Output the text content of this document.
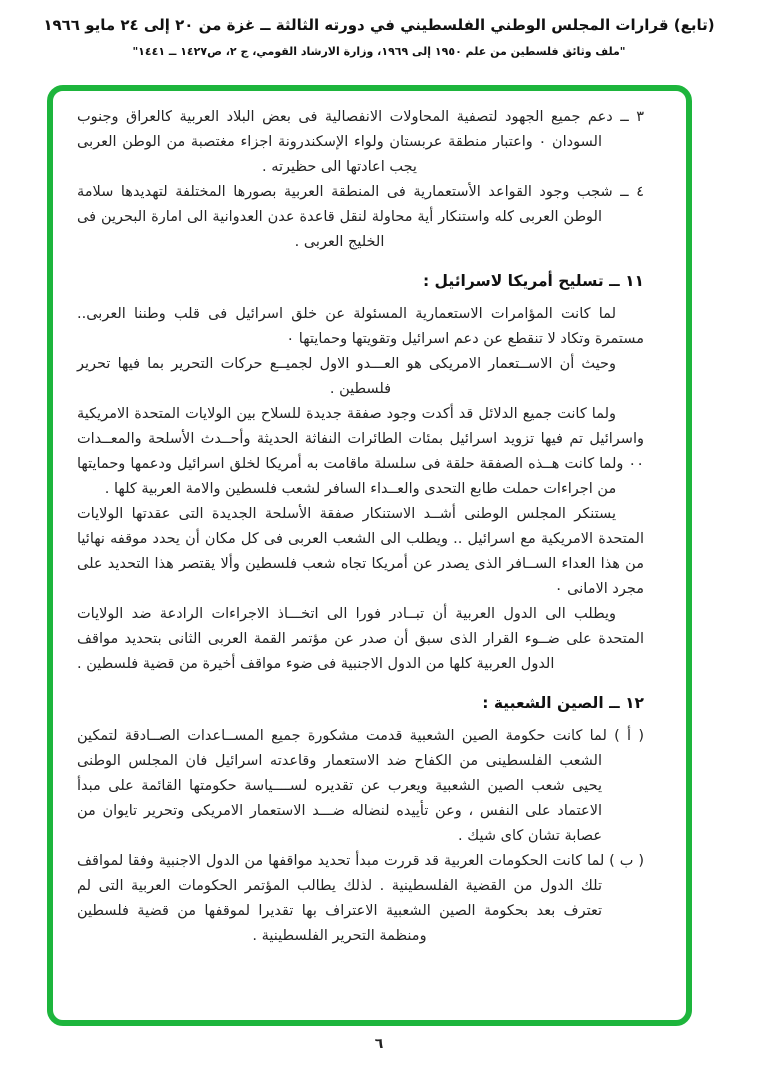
(تابع) قرارات المجلس الوطني الفلسطيني في دورته الثالثة ــ غزة من ٢٠ إلى ٢٤ مايو ١٩٦٦
"ملف وثائق فلسطين من علم ١٩٥٠ إلى ١٩٦٩، وزارة الارشاد القومي، ج ٢، ص١٤٢٧ ــ ١٤٤١"

٣ ــ دعم جميع الجهود لتصفية المحاولات الانفصالية فى بعض البلاد العربية كالعراق وجنوب السودان ٠ واعتبار منطقة عربستان ولواء الإسكندرونة اجزاء مغتصبة من الوطن العربى يجب اعادتها الى حظيرته .

٤ ــ شجب وجود القواعد الأستعمارية فى المنطقة العربية بصورها المختلفة لتهديدها سلامة الوطن العربى كله واستنكار أية محاولة لنقل قاعدة عدن العدوانية الى امارة البحرين فى الخليج العربى .

١١ ــ تسليح أمريكا لاسرائيل :

لما كانت المؤامرات الاستعمارية المسئولة عن خلق اسرائيل فى قلب وطننا العربى.. مستمرة وتكاد لا تنقطع عن دعم اسرائيل وتقويتها وحمايتها ٠

وحيث أن الاســتعمار الامريكى هو العـــدو الاول لجميــع حركات التحرير بما فيها تحرير فلسطين .

ولما كانت جميع الدلائل قد أكدت وجود صفقة جديدة للسلاح بين الولايات المتحدة الامريكية واسرائيل تم فيها تزويد اسرائيل بمئات الطائرات النفاثة الحديثة وأحــدث الأسلحة والمعــدات ٠٠ ولما كانت هــذه الصفقة حلقة فى سلسلة ماقامت به أمريكا لخلق اسرائيل ودعمها وحمايتها من اجراءات حملت طابع التحدى والعــداء السافر لشعب فلسطين والامة العربية كلها .

يستنكر المجلس الوطنى أشــد الاستنكار صفقة الأسلحة الجديدة التى عقدتها الولايات المتحدة الامريكية مع اسرائيل .. ويطلب الى الشعب العربى فى كل مكان أن يحدد موقفه نهائيا من هذا العداء الســافر الذى يصدر عن أمريكا تجاه شعب فلسطين وألا يقتصر هذا التحديد على مجرد الامانى ٠

ويطلب الى الدول العربية أن تبــادر فورا الى اتخـــاذ الاجراءات الرادعة ضد الولايات المتحدة على ضــوء القرار الذى سبق أن صدر عن مؤتمر القمة العربى الثانى بتحديد مواقف الدول العربية كلها من الدول الاجنبية فى ضوء مواقف أخيرة من قضية فلسطين .

١٢ ــ الصين الشعبية :

( أ ) لما كانت حكومة الصين الشعبية قدمت مشكورة جميع المســاعدات الصــادقة لتمكين الشعب الفلسطينى من الكفاح ضد الاستعمار وقاعدته اسرائيل فان المجلس الوطنى يحيى شعب الصين الشعبية ويعرب عن تقديره لســــياسة حكومتها القائمة على مبدأ الاعتماد على النفس ، وعن تأييده لنضاله ضـــد الاستعمار الامريكى وتحرير تايوان من عصابة تشان كاى شيك .

( ب ) لما كانت الحكومات العربية قد قررت مبدأ تحديد مواقفها من الدول الاجنبية وفقا لمواقف تلك الدول من القضية الفلسطينية . لذلك يطالب المؤتمر الحكومات العربية التى لم تعترف بعد بحكومة الصين الشعبية الاعتراف بها تقديرا لموقفها من قضية فلسطين ومنظمة التحرير الفلسطينية .

٦
